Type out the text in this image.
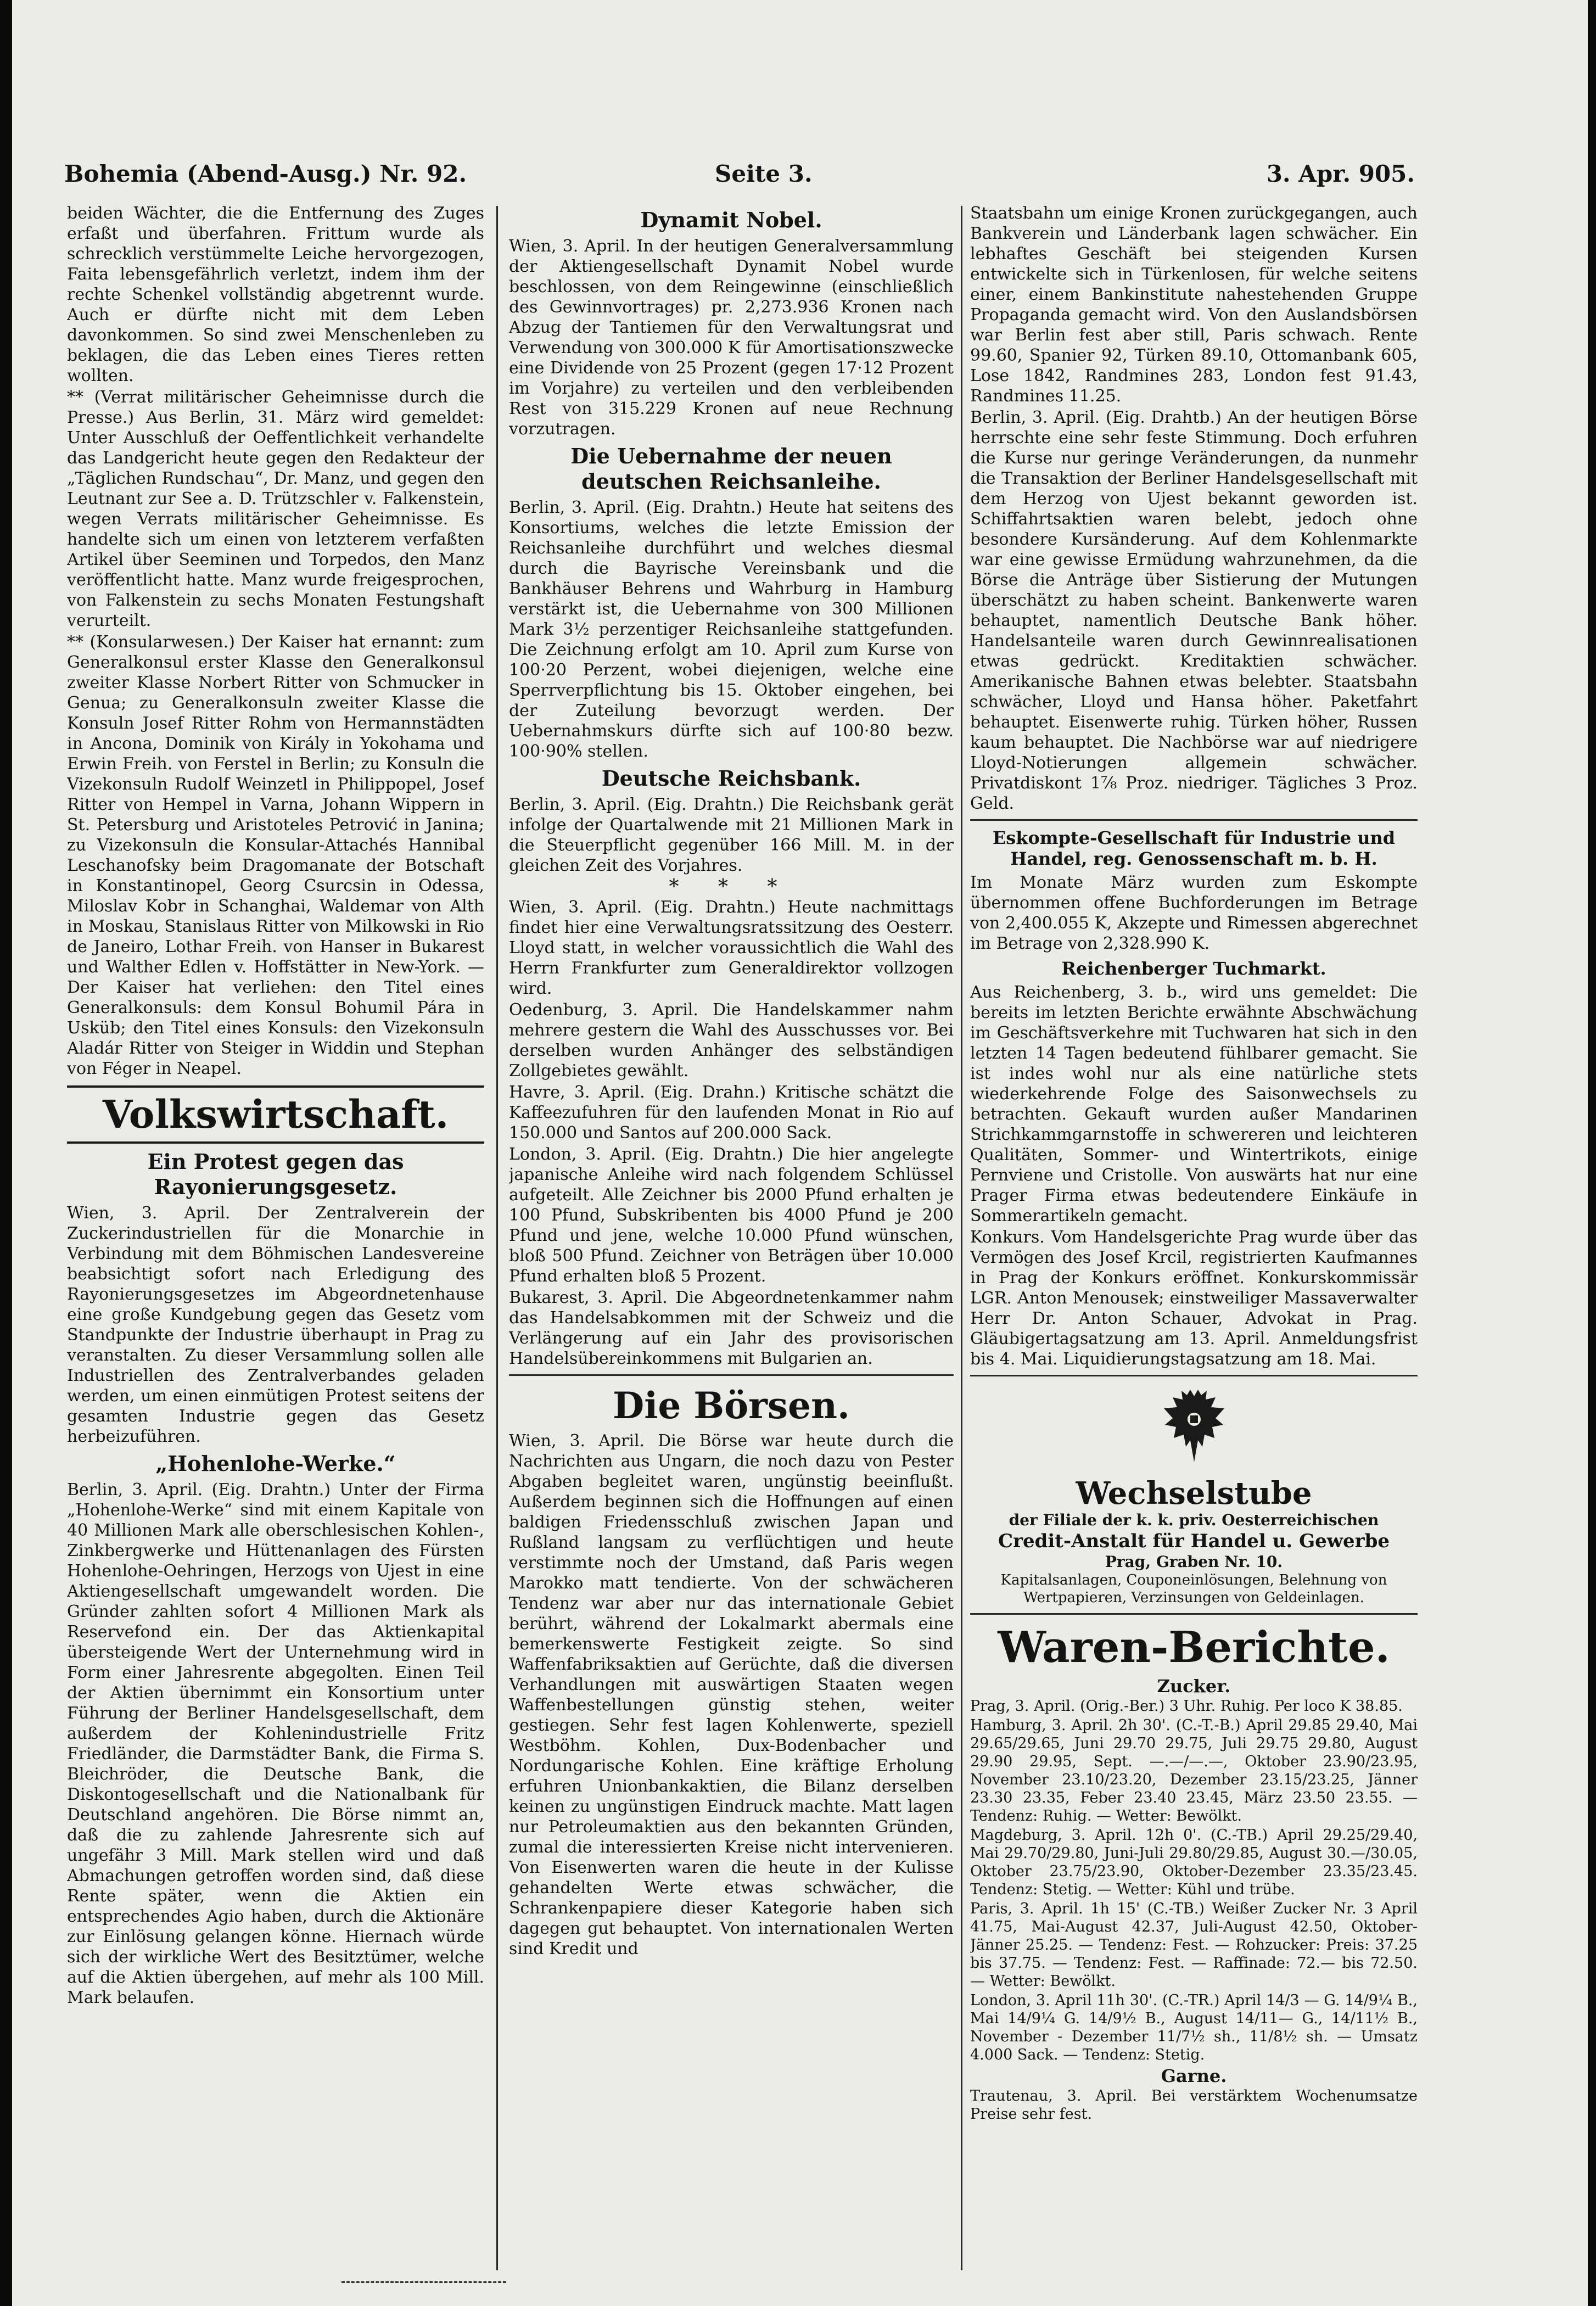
Bohemia (Abend-Ausg.) Nr. 92.	Seite 3.	3. Apr. 905.

beiden Wächter, die die Entfernung des Zuges erfaßt und überfahren. Frittum wurde als schrecklich verstümmelte Leiche hervorgezogen, Faita lebensgefährlich verletzt, indem ihm der rechte Schenkel vollständig abgetrennt wurde. Auch er dürfte nicht mit dem Leben davonkommen. So sind zwei Menschenleben zu beklagen, die das Leben eines Tieres retten wollten.

** (Verrat militärischer Geheimnisse durch die Presse.) Aus Berlin, 31. März wird gemeldet: Unter Ausschluß der Oeffentlichkeit verhandelte das Landgericht heute gegen den Redakteur der „Täglichen Rundschau“, Dr. Manz, und gegen den Leutnant zur See a. D. Trützschler v. Falkenstein, wegen Verrats militärischer Geheimnisse. Es handelte sich um einen von letzterem verfaßten Artikel über Seeminen und Torpedos, den Manz veröffentlicht hatte. Manz wurde freigesprochen, von Falkenstein zu sechs Monaten Festungshaft verurteilt.

** (Konsularwesen.) Der Kaiser hat ernannt: zum Generalkonsul erster Klasse den Generalkonsul zweiter Klasse Norbert Ritter von Schmucker in Genua; zu Generalkonsuln zweiter Klasse die Konsuln Josef Ritter Rohm von Hermannstädten in Ancona, Dominik von Király in Yokohama und Erwin Freih. von Ferstel in Berlin; zu Konsuln die Vizekonsuln Rudolf Weinzetl in Philippopel, Josef Ritter von Hempel in Varna, Johann Wippern in St. Petersburg und Aristoteles Petrović in Janina; zu Vizekonsuln die Konsular-Attachés Hannibal Leschanofsky beim Dragomanate der Botschaft in Konstantinopel, Georg Csurcsin in Odessa, Miloslav Kobr in Schanghai, Waldemar von Alth in Moskau, Stanislaus Ritter von Milkowski in Rio de Janeiro, Lothar Freih. von Hanser in Bukarest und Walther Edlen v. Hoffstätter in New-York. — Der Kaiser hat verliehen: den Titel eines Generalkonsuls: dem Konsul Bohumil Pára in Usküb; den Titel eines Konsuls: den Vizekonsuln Aladár Ritter von Steiger in Widdin und Stephan von Féger in Neapel.

Volkswirtschaft.
Ein Protest gegen das Rayonierungsgesetz.

Wien, 3. April. Der Zentralverein der Zuckerindustriellen für die Monarchie in Verbindung mit dem Böhmischen Landesvereine beabsichtigt sofort nach Erledigung des Rayonierungsgesetzes im Abgeordnetenhause eine große Kundgebung gegen das Gesetz vom Standpunkte der Industrie überhaupt in Prag zu veranstalten. Zu dieser Versammlung sollen alle Industriellen des Zentralverbandes geladen werden, um einen einmütigen Protest seitens der gesamten Industrie gegen das Gesetz herbeizuführen.

„Hohenlohe-Werke.“

Berlin, 3. April. (Eig. Drahtn.) Unter der Firma „Hohenlohe-Werke“ sind mit einem Kapitale von 40 Millionen Mark alle oberschlesischen Kohlen-, Zinkbergwerke und Hüttenanlagen des Fürsten Hohenlohe-Oehringen, Herzogs von Ujest in eine Aktiengesellschaft umgewandelt worden. Die Gründer zahlten sofort 4 Millionen Mark als Reservefond ein. Der das Aktienkapital übersteigende Wert der Unternehmung wird in Form einer Jahresrente abgegolten. Einen Teil der Aktien übernimmt ein Konsortium unter Führung der Berliner Handelsgesellschaft, dem außerdem der Kohlenindustrielle Fritz Friedländer, die Darmstädter Bank, die Firma S. Bleichröder, die Deutsche Bank, die Diskontogesellschaft und die Nationalbank für Deutschland angehören. Die Börse nimmt an, daß die zu zahlende Jahresrente sich auf ungefähr 3 Mill. Mark stellen wird und daß Abmachungen getroffen worden sind, daß diese Rente später, wenn die Aktien ein entsprechendes Agio haben, durch die Aktionäre zur Einlösung gelangen könne. Hiernach würde sich der wirkliche Wert des Besitztümer, welche auf die Aktien übergehen, auf mehr als 100 Mill. Mark belaufen.

Dynamit Nobel.

Wien, 3. April. In der heutigen Generalversammlung der Aktiengesellschaft Dynamit Nobel wurde beschlossen, von dem Reingewinne (einschließlich des Gewinnvortrages) pr. 2,273.936 Kronen nach Abzug der Tantiemen für den Verwaltungsrat und Verwendung von 300.000 K für Amortisationszwecke eine Dividende von 25 Prozent (gegen 17·12 Prozent im Vorjahre) zu verteilen und den verbleibenden Rest von 315.229 Kronen auf neue Rechnung vorzutragen.

Die Uebernahme der neuen deutschen Reichsanleihe.

Berlin, 3. April. (Eig. Drahtn.) Heute hat seitens des Konsortiums, welches die letzte Emission der Reichsanleihe durchführt und welches diesmal durch die Bayrische Vereinsbank und die Bankhäuser Behrens und Wahrburg in Hamburg verstärkt ist, die Uebernahme von 300 Millionen Mark 3½ perzentiger Reichsanleihe stattgefunden. Die Zeichnung erfolgt am 10. April zum Kurse von 100·20 Perzent, wobei diejenigen, welche eine Sperrverpflichtung bis 15. Oktober eingehen, bei der Zuteilung bevorzugt werden. Der Uebernahmskurs dürfte sich auf 100·80 bezw. 100·90% stellen.

Deutsche Reichsbank.

Berlin, 3. April. (Eig. Drahtn.) Die Reichsbank gerät infolge der Quartalwende mit 21 Millionen Mark in die Steuerpflicht gegenüber 166 Mill. M. in der gleichen Zeit des Vorjahres.

* * *

Wien, 3. April. (Eig. Drahtn.) Heute nachmittags findet hier eine Verwaltungsratssitzung des Oesterr. Lloyd statt, in welcher voraussichtlich die Wahl des Herrn Frankfurter zum Generaldirektor vollzogen wird.

Oedenburg, 3. April. Die Handelskammer nahm mehrere gestern die Wahl des Ausschusses vor. Bei derselben wurden Anhänger des selbständigen Zollgebietes gewählt.

Havre, 3. April. (Eig. Drahn.) Kritische schätzt die Kaffeezufuhren für den laufenden Monat in Rio auf 150.000 und Santos auf 200.000 Sack.

London, 3. April. (Eig. Drahtn.) Die hier angelegte japanische Anleihe wird nach folgendem Schlüssel aufgeteilt. Alle Zeichner bis 2000 Pfund erhalten je 100 Pfund, Subskribenten bis 4000 Pfund je 200 Pfund und jene, welche 10.000 Pfund wünschen, bloß 500 Pfund. Zeichner von Beträgen über 10.000 Pfund erhalten bloß 5 Prozent.

Bukarest, 3. April. Die Abgeordnetenkammer nahm das Handelsabkommen mit der Schweiz und die Verlängerung auf ein Jahr des provisorischen Handelsübereinkommens mit Bulgarien an.

Die Börsen.

Wien, 3. April. Die Börse war heute durch die Nachrichten aus Ungarn, die noch dazu von Pester Abgaben begleitet waren, ungünstig beeinflußt. Außerdem beginnen sich die Hoffnungen auf einen baldigen Friedensschluß zwischen Japan und Rußland langsam zu verflüchtigen und heute verstimmte noch der Umstand, daß Paris wegen Marokko matt tendierte. Von der schwächeren Tendenz war aber nur das internationale Gebiet berührt, während der Lokalmarkt abermals eine bemerkenswerte Festigkeit zeigte. So sind Waffenfabriksaktien auf Gerüchte, daß die diversen Verhandlungen mit auswärtigen Staaten wegen Waffenbestellungen günstig stehen, weiter gestiegen. Sehr fest lagen Kohlenwerte, speziell Westböhm. Kohlen, Dux-Bodenbacher und Nordungarische Kohlen. Eine kräftige Erholung erfuhren Unionbankaktien, die Bilanz derselben keinen zu ungünstigen Eindruck machte. Matt lagen nur Petroleumaktien aus den bekannten Gründen, zumal die interessierten Kreise nicht intervenieren. Von Eisenwerten waren die heute in der Kulisse gehandelten Werte etwas schwächer, die Schrankenpapiere dieser Kategorie haben sich dagegen gut behauptet. Von internationalen Werten sind Kredit und

Staatsbahn um einige Kronen zurückgegangen, auch Bankverein und Länderbank lagen schwächer. Ein lebhaftes Geschäft bei steigenden Kursen entwickelte sich in Türkenlosen, für welche seitens einer, einem Bankinstitute nahestehenden Gruppe Propaganda gemacht wird. Von den Auslandsbörsen war Berlin fest aber still, Paris schwach. Rente 99.60, Spanier 92, Türken 89.10, Ottomanbank 605, Lose 1842, Randmines 283, London fest 91.43, Randmines 11.25.

Berlin, 3. April. (Eig. Drahtb.) An der heutigen Börse herrschte eine sehr feste Stimmung. Doch erfuhren die Kurse nur geringe Veränderungen, da nunmehr die Transaktion der Berliner Handelsgesellschaft mit dem Herzog von Ujest bekannt geworden ist. Schiffahrtsaktien waren belebt, jedoch ohne besondere Kursänderung. Auf dem Kohlenmarkte war eine gewisse Ermüdung wahrzunehmen, da die Börse die Anträge über Sistierung der Mutungen überschätzt zu haben scheint. Bankenwerte waren behauptet, namentlich Deutsche Bank höher. Handelsanteile waren durch Gewinnrealisationen etwas gedrückt. Kreditaktien schwächer. Amerikanische Bahnen etwas belebter. Staatsbahn schwächer, Lloyd und Hansa höher. Paketfahrt behauptet. Eisenwerte ruhig. Türken höher, Russen kaum behauptet. Die Nachbörse war auf niedrigere Lloyd-Notierungen allgemein schwächer. Privatdiskont 1⅞ Proz. niedriger. Tägliches 3 Proz. Geld.

Eskompte-Gesellschaft für Industrie und Handel, reg. Genossenschaft m. b. H.

Im Monate März wurden zum Eskompte übernommen offene Buchforderungen im Betrage von 2,400.055 K, Akzepte und Rimessen abgerechnet im Betrage von 2,328.990 K.

Reichenberger Tuchmarkt.

Aus Reichenberg, 3. b., wird uns gemeldet: Die bereits im letzten Berichte erwähnte Abschwächung im Geschäftsverkehre mit Tuchwaren hat sich in den letzten 14 Tagen bedeutend fühlbarer gemacht. Sie ist indes wohl nur als eine natürliche stets wiederkehrende Folge des Saisonwechsels zu betrachten. Gekauft wurden außer Mandarinen Strichkammgarnstoffe in schwereren und leichteren Qualitäten, Sommer- und Wintertrikots, einige Pernviene und Cristolle. Von auswärts hat nur eine Prager Firma etwas bedeutendere Einkäufe in Sommerartikeln gemacht.

Konkurs. Vom Handelsgerichte Prag wurde über das Vermögen des Josef Krcil, registrierten Kaufmannes in Prag der Konkurs eröffnet. Konkurskommissär LGR. Anton Menousek; einstweiliger Massaverwalter Herr Dr. Anton Schauer, Advokat in Prag. Gläubigertagsatzung am 13. April. Anmeldungsfrist bis 4. Mai. Liquidierungstagsatzung am 18. Mai.

Wechselstube
der Filiale der k. k. priv. Oesterreichischen
Credit-Anstalt für Handel u. Gewerbe
Prag, Graben Nr. 10.
Kapitalsanlagen, Couponeinlösungen, Belehnung von Wertpapieren, Verzinsungen von Geldeinlagen.
Waren-Berichte.
Zucker.

Prag, 3. April. (Orig.-Ber.) 3 Uhr. Ruhig. Per loco K 38.85.

Hamburg, 3. April. 2h 30'. (C.-T.-B.) April 29.85 29.40, Mai 29.65/29.65, Juni 29.70 29.75, Juli 29.75 29.80, August 29.90 29.95, Sept. —.—/—.—, Oktober 23.90/23.95, November 23.10/23.20, Dezember 23.15/23.25, Jänner 23.30 23.35, Feber 23.40 23.45, März 23.50 23.55. — Tendenz: Ruhig. — Wetter: Bewölkt.

Magdeburg, 3. April. 12h 0'. (C.-TB.) April 29.25/29.40, Mai 29.70/29.80, Juni-Juli 29.80/29.85, August 30.—/30.05, Oktober 23.75/23.90, Oktober-Dezember 23.35/23.45. Tendenz: Stetig. — Wetter: Kühl und trübe.

Paris, 3. April. 1h 15' (C.-TB.) Weißer Zucker Nr. 3 April 41.75, Mai-August 42.37, Juli-August 42.50, Oktober-Jänner 25.25. — Tendenz: Fest. — Rohzucker: Preis: 37.25 bis 37.75. — Tendenz: Fest. — Raffinade: 72.— bis 72.50. — Wetter: Bewölkt.

London, 3. April 11h 30'. (C.-TR.) April 14/3 — G. 14/9¼ B., Mai 14/9¼ G. 14/9½ B., August 14/11— G., 14/11½ B., November - Dezember 11/7½ sh., 11/8½ sh. — Umsatz 4.000 Sack. — Tendenz: Stetig.

Garne.

Trautenau, 3. April. Bei verstärktem Wochenumsatze Preise sehr fest.
